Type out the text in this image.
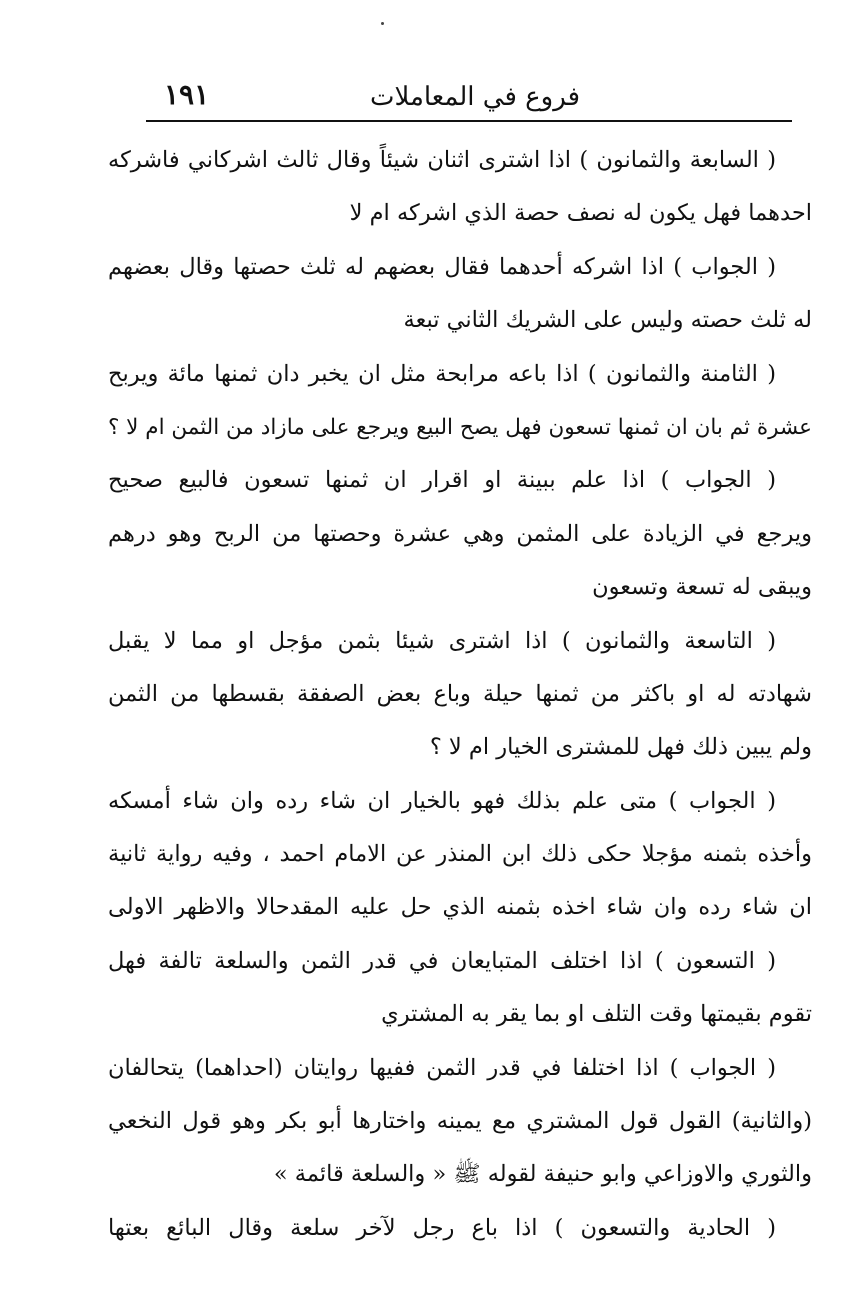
فروع في المعاملات
١٩١
( السابعة والثمانون ) اذا اشترى اثنان شيئاً وقال ثالث اشركاني فاشركه
احدهما فهل يكون له نصف حصة الذي اشركه ام لا
( الجواب ) اذا اشركه أحدهما فقال بعضهم له ثلث حصتها وقال بعضهم
له ثلث حصته وليس على الشريك الثاني تبعة
( الثامنة والثمانون ) اذا باعه مرابحة مثل ان يخبر دان ثمنها مائة ويربح
عشرة ثم بان ان ثمنها تسعون فهل يصح البيع ويرجع على مازاد من الثمن ام لا ؟
( الجواب ) اذا علم ببينة او اقرار ان ثمنها تسعون فالبيع صحيح
ويرجع في الزيادة على المثمن وهي عشرة وحصتها من الربح وهو درهم
ويبقى له تسعة وتسعون
( التاسعة والثمانون ) اذا اشترى شيئا بثمن مؤجل او مما لا يقبل
شهادته له او باكثر من ثمنها حيلة وباع بعض الصفقة بقسطها من الثمن
ولم يبين ذلك فهل للمشترى الخيار ام لا ؟
( الجواب ) متى علم بذلك فهو بالخيار ان شاء رده وان شاء أمسكه
وأخذه بثمنه مؤجلا حكى ذلك ابن المنذر عن الامام احمد ، وفيه رواية ثانية
ان شاء رده وان شاء اخذه بثمنه الذي حل عليه المقدحالا والاظهر الاولى
( التسعون ) اذا اختلف المتبايعان في قدر الثمن والسلعة تالفة فهل
تقوم بقيمتها وقت التلف او بما يقر به المشتري
( الجواب ) اذا اختلفا في قدر الثمن ففيها روايتان (احداهما) يتحالفان
(والثانية) القول قول المشتري مع يمينه واختارها أبو بكر وهو قول النخعي
والثوري والاوزاعي وابو حنيفة لقوله ﷺ « والسلعة قائمة »
( الحادية والتسعون ) اذا باع رجل لآخر سلعة وقال البائع بعتها
